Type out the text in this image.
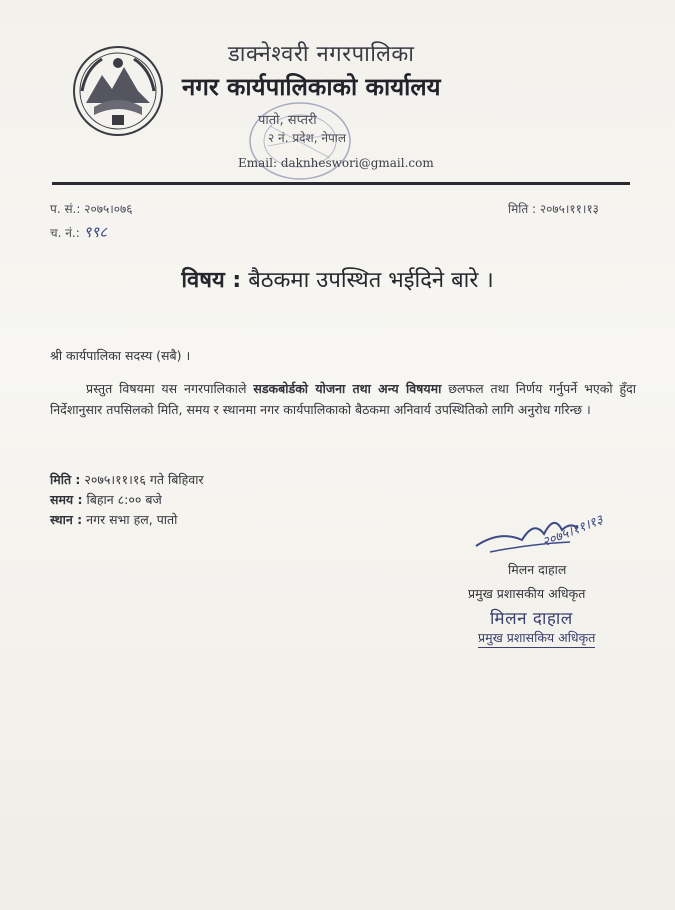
डाक्नेश्वरी नगरपालिका
नगर कार्यपालिकाको कार्यालय
पातो, सप्तरी
२ नं. प्रदेश, नेपाल
Email: daknheswori@gmail.com
प. सं.: २०७५।०७६
च. नं.: ९९८
मिति : २०७५।११।१३
विषय : बैठकमा उपस्थित भईदिने बारे ।
श्री कार्यपालिका सदस्य (सबै) ।
प्रस्तुत विषयमा यस नगरपालिकाले सडकबोर्डको योजना तथा अन्य विषयमा छलफल तथा निर्णय गर्नुपर्ने भएको हुँदा निर्देशानुसार तपसिलको मिति, समय र स्थानमा नगर कार्यपालिकाको बैठकमा अनिवार्य उपस्थितिको लागि अनुरोध गरिन्छ ।
मिति : २०७५।११।१६ गते बिहिवार
समय : बिहान ८:०० बजे
स्थान : नगर सभा हल, पातो	२०७५।११।१३
मिलन दाहाल
प्रमुख प्रशासकीय अधिकृत
मिलन दाहाल
प्रमुख प्रशासकिय अधिकृत
